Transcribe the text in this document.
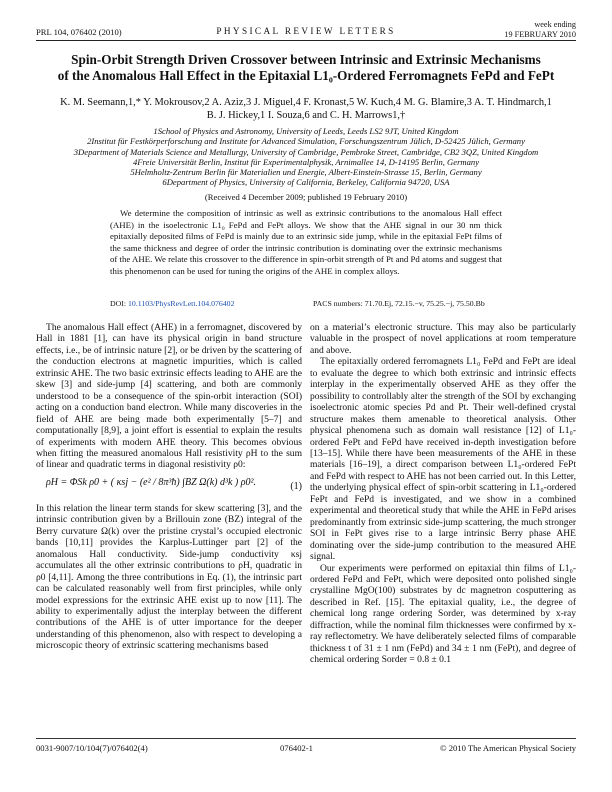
PRL 104, 076402 (2010)	PHYSICAL REVIEW LETTERS
week ending
19 FEBRUARY 2010
Spin-Orbit Strength Driven Crossover between Intrinsic and Extrinsic Mechanisms
of the Anomalous Hall Effect in the Epitaxial L1₀-Ordered Ferromagnets FePd and FePt
K. M. Seemann,1,* Y. Mokrousov,2 A. Aziz,3 J. Miguel,4 F. Kronast,5 W. Kuch,4 M. G. Blamire,3 A. T. Hindmarch,1
B. J. Hickey,1 I. Souza,6 and C. H. Marrows1,†
1School of Physics and Astronomy, University of Leeds, Leeds LS2 9JT, United Kingdom
2Institut für Festkörperforschung and Institute for Advanced Simulation, Forschungszentrum Jülich, D-52425 Jülich, Germany
3Department of Materials Science and Metallurgy, University of Cambridge, Pembroke Street, Cambridge, CB2 3QZ, United Kingdom
4Freie Universität Berlin, Institut für Experimentalphysik, Arnimallee 14, D-14195 Berlin, Germany
5Helmholtz-Zentrum Berlin für Materialien und Energie, Albert-Einstein-Strasse 15, Berlin, Germany
6Department of Physics, University of California, Berkeley, California 94720, USA
(Received 4 December 2009; published 19 February 2010)
We determine the composition of intrinsic as well as extrinsic contributions to the anomalous Hall effect (AHE) in the isoelectronic L1₀ FePd and FePt alloys. We show that the AHE signal in our 30 nm thick epitaxially deposited films of FePd is mainly due to an extrinsic side jump, while in the epitaxial FePt films of the same thickness and degree of order the intrinsic contribution is dominating over the extrinsic mechanisms of the AHE. We relate this crossover to the difference in spin-orbit strength of Pt and Pd atoms and suggest that this phenomenon can be used for tuning the origins of the AHE in complex alloys.
DOI: 10.1103/PhysRevLett.104.076402	PACS numbers: 71.70.Ej, 72.15.−v, 75.25.−j, 75.50.Bb

The anomalous Hall effect (AHE) in a ferromagnet, discovered by Hall in 1881 [1], can have its physical origin in band structure effects, i.e., be of intrinsic nature [2], or be driven by the scattering of the conduction electrons at magnetic impurities, which is called extrinsic AHE. The two basic extrinsic effects leading to AHE are the skew [3] and side-jump [4] scattering, and both are commonly understood to be a consequence of the spin-orbit interaction (SOI) acting on a conduction band electron. While many discoveries in the field of AHE are being made both experimentally [5–7] and computationally [8,9], a joint effort is essential to explain the results of experiments with modern AHE theory. This becomes obvious when fitting the measured anomalous Hall resistivity ρH to the sum of linear and quadratic terms in diagonal resistivity ρ0:

ρH = ΦSk ρ0 + ( κsj − (e² / 8π³ħ) ∫BZ Ω(k) d³k ) ρ0².	(1)

In this relation the linear term stands for skew scattering [3], and the intrinsic contribution given by a Brillouin zone (BZ) integral of the Berry curvature Ω(k) over the pristine crystal’s occupied electronic bands [10,11] provides the Karplus-Luttinger part [2] of the anomalous Hall conductivity. Side-jump conductivity κsj accumulates all the other extrinsic contributions to ρH, quadratic in ρ0 [4,11]. Among the three contributions in Eq. (1), the intrinsic part can be calculated reasonably well from first principles, while only model expressions for the extrinsic AHE exist up to now [11]. The ability to experimentally adjust the interplay between the different contributions of the AHE is of utter importance for the deeper understanding of this phenomenon, also with respect to developing a microscopic theory of extrinsic scattering mechanisms based

on a material’s electronic structure. This may also be particularly valuable in the prospect of novel applications at room temperature and above.

The epitaxially ordered ferromagnets L1₀ FePd and FePt are ideal to evaluate the degree to which both extrinsic and intrinsic effects interplay in the experimentally observed AHE as they offer the possibility to controllably alter the strength of the SOI by exchanging isoelectronic atomic species Pd and Pt. Their well-defined crystal structure makes them amenable to theoretical analysis. Other physical phenomena such as domain wall resistance [12] of L1₀-ordered FePt and FePd have received in-depth investigation before [13–15]. While there have been measurements of the AHE in these materials [16–19], a direct comparison between L1₀-ordered FePt and FePd with respect to AHE has not been carried out. In this Letter, the underlying physical effect of spin-orbit scattering in L1₀-ordered FePt and FePd is investigated, and we show in a combined experimental and theoretical study that while the AHE in FePd arises predominantly from extrinsic side-jump scattering, the much stronger SOI in FePt gives rise to a large intrinsic Berry phase AHE dominating over the side-jump contribution to the measured AHE signal.

Our experiments were performed on epitaxial thin films of L1₀-ordered FePd and FePt, which were deposited onto polished single crystalline MgO(100) substrates by dc magnetron cosputtering as described in Ref. [15]. The epitaxial quality, i.e., the degree of chemical long range ordering Sorder, was determined by x-ray diffraction, while the nominal film thicknesses were confirmed by x-ray reflectometry. We have deliberately selected films of comparable thickness t of 31 ± 1 nm (FePd) and 34 ± 1 nm (FePt), and degree of chemical ordering Sorder = 0.8 ± 0.1

0031-9007/10/104(7)/076402(4)	076402-1	© 2010 The American Physical Society
